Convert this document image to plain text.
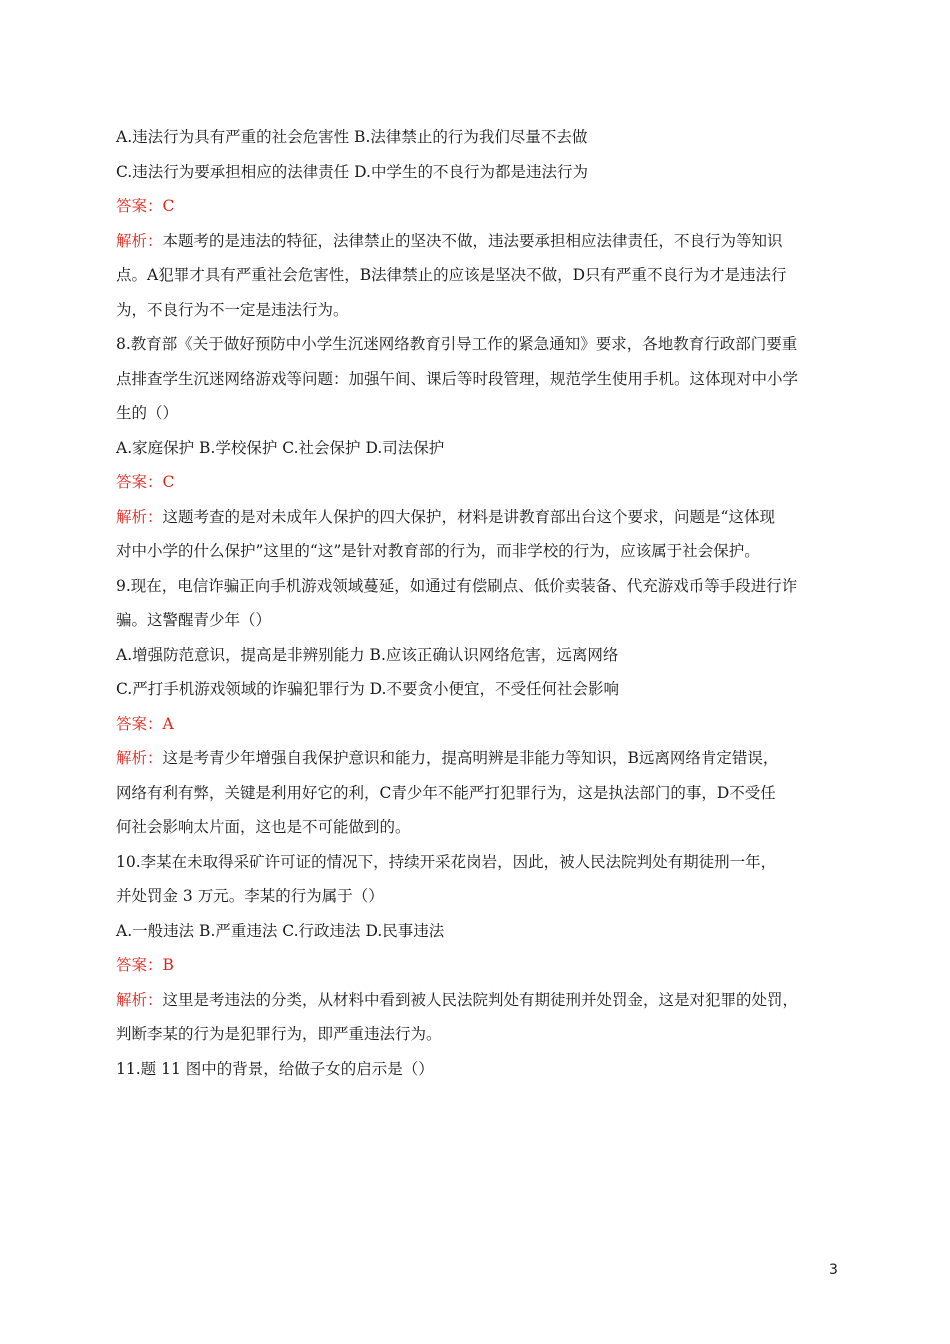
A.违法行为具有严重的社会危害性 B.法律禁止的行为我们尽量不去做
C.违法行为要承担相应的法律责任 D.中学生的不良行为都是违法行为
答案：C
解析：本题考的是违法的特征，法律禁止的坚决不做，违法要承担相应法律责任，不良行为等知识
点。A犯罪才具有严重社会危害性，B法律禁止的应该是坚决不做，D只有严重不良行为才是违法行
为，不良行为不一定是违法行为。
8.教育部《关于做好预防中小学生沉迷网络教育引导工作的紧急通知》要求，各地教育行政部门要重
点排查学生沉迷网络游戏等问题：加强午间、课后等时段管理，规范学生使用手机。这体现对中小学
生的（）
A.家庭保护 B.学校保护 C.社会保护 D.司法保护
答案：C
解析：这题考查的是对未成年人保护的四大保护，材料是讲教育部出台这个要求，问题是“这体现
对中小学的什么保护”这里的“这”是针对教育部的行为，而非学校的行为，应该属于社会保护。
9.现在，电信诈骗正向手机游戏领域蔓延，如通过有偿刷点、低价卖装备、代充游戏币等手段进行诈
骗。这警醒青少年（）
A.增强防范意识，提高是非辨别能力 B.应该正确认识网络危害，远离网络
C.严打手机游戏领域的诈骗犯罪行为 D.不要贪小便宜，不受任何社会影响
答案：A
解析：这是考青少年增强自我保护意识和能力，提高明辨是非能力等知识，B远离网络肯定错误，
网络有利有弊，关键是利用好它的利，C青少年不能严打犯罪行为，这是执法部门的事，D不受任
何社会影响太片面，这也是不可能做到的。
10.李某在未取得采矿许可证的情况下，持续开采花岗岩，因此，被人民法院判处有期徒刑一年，
并处罚金 3 万元。李某的行为属于（）
A.一般违法 B.严重违法 C.行政违法 D.民事违法
答案：B
解析：这里是考违法的分类，从材料中看到被人民法院判处有期徒刑并处罚金，这是对犯罪的处罚，
判断李某的行为是犯罪行为，即严重违法行为。
11.题 11 图中的背景，给做子女的启示是（）
3
